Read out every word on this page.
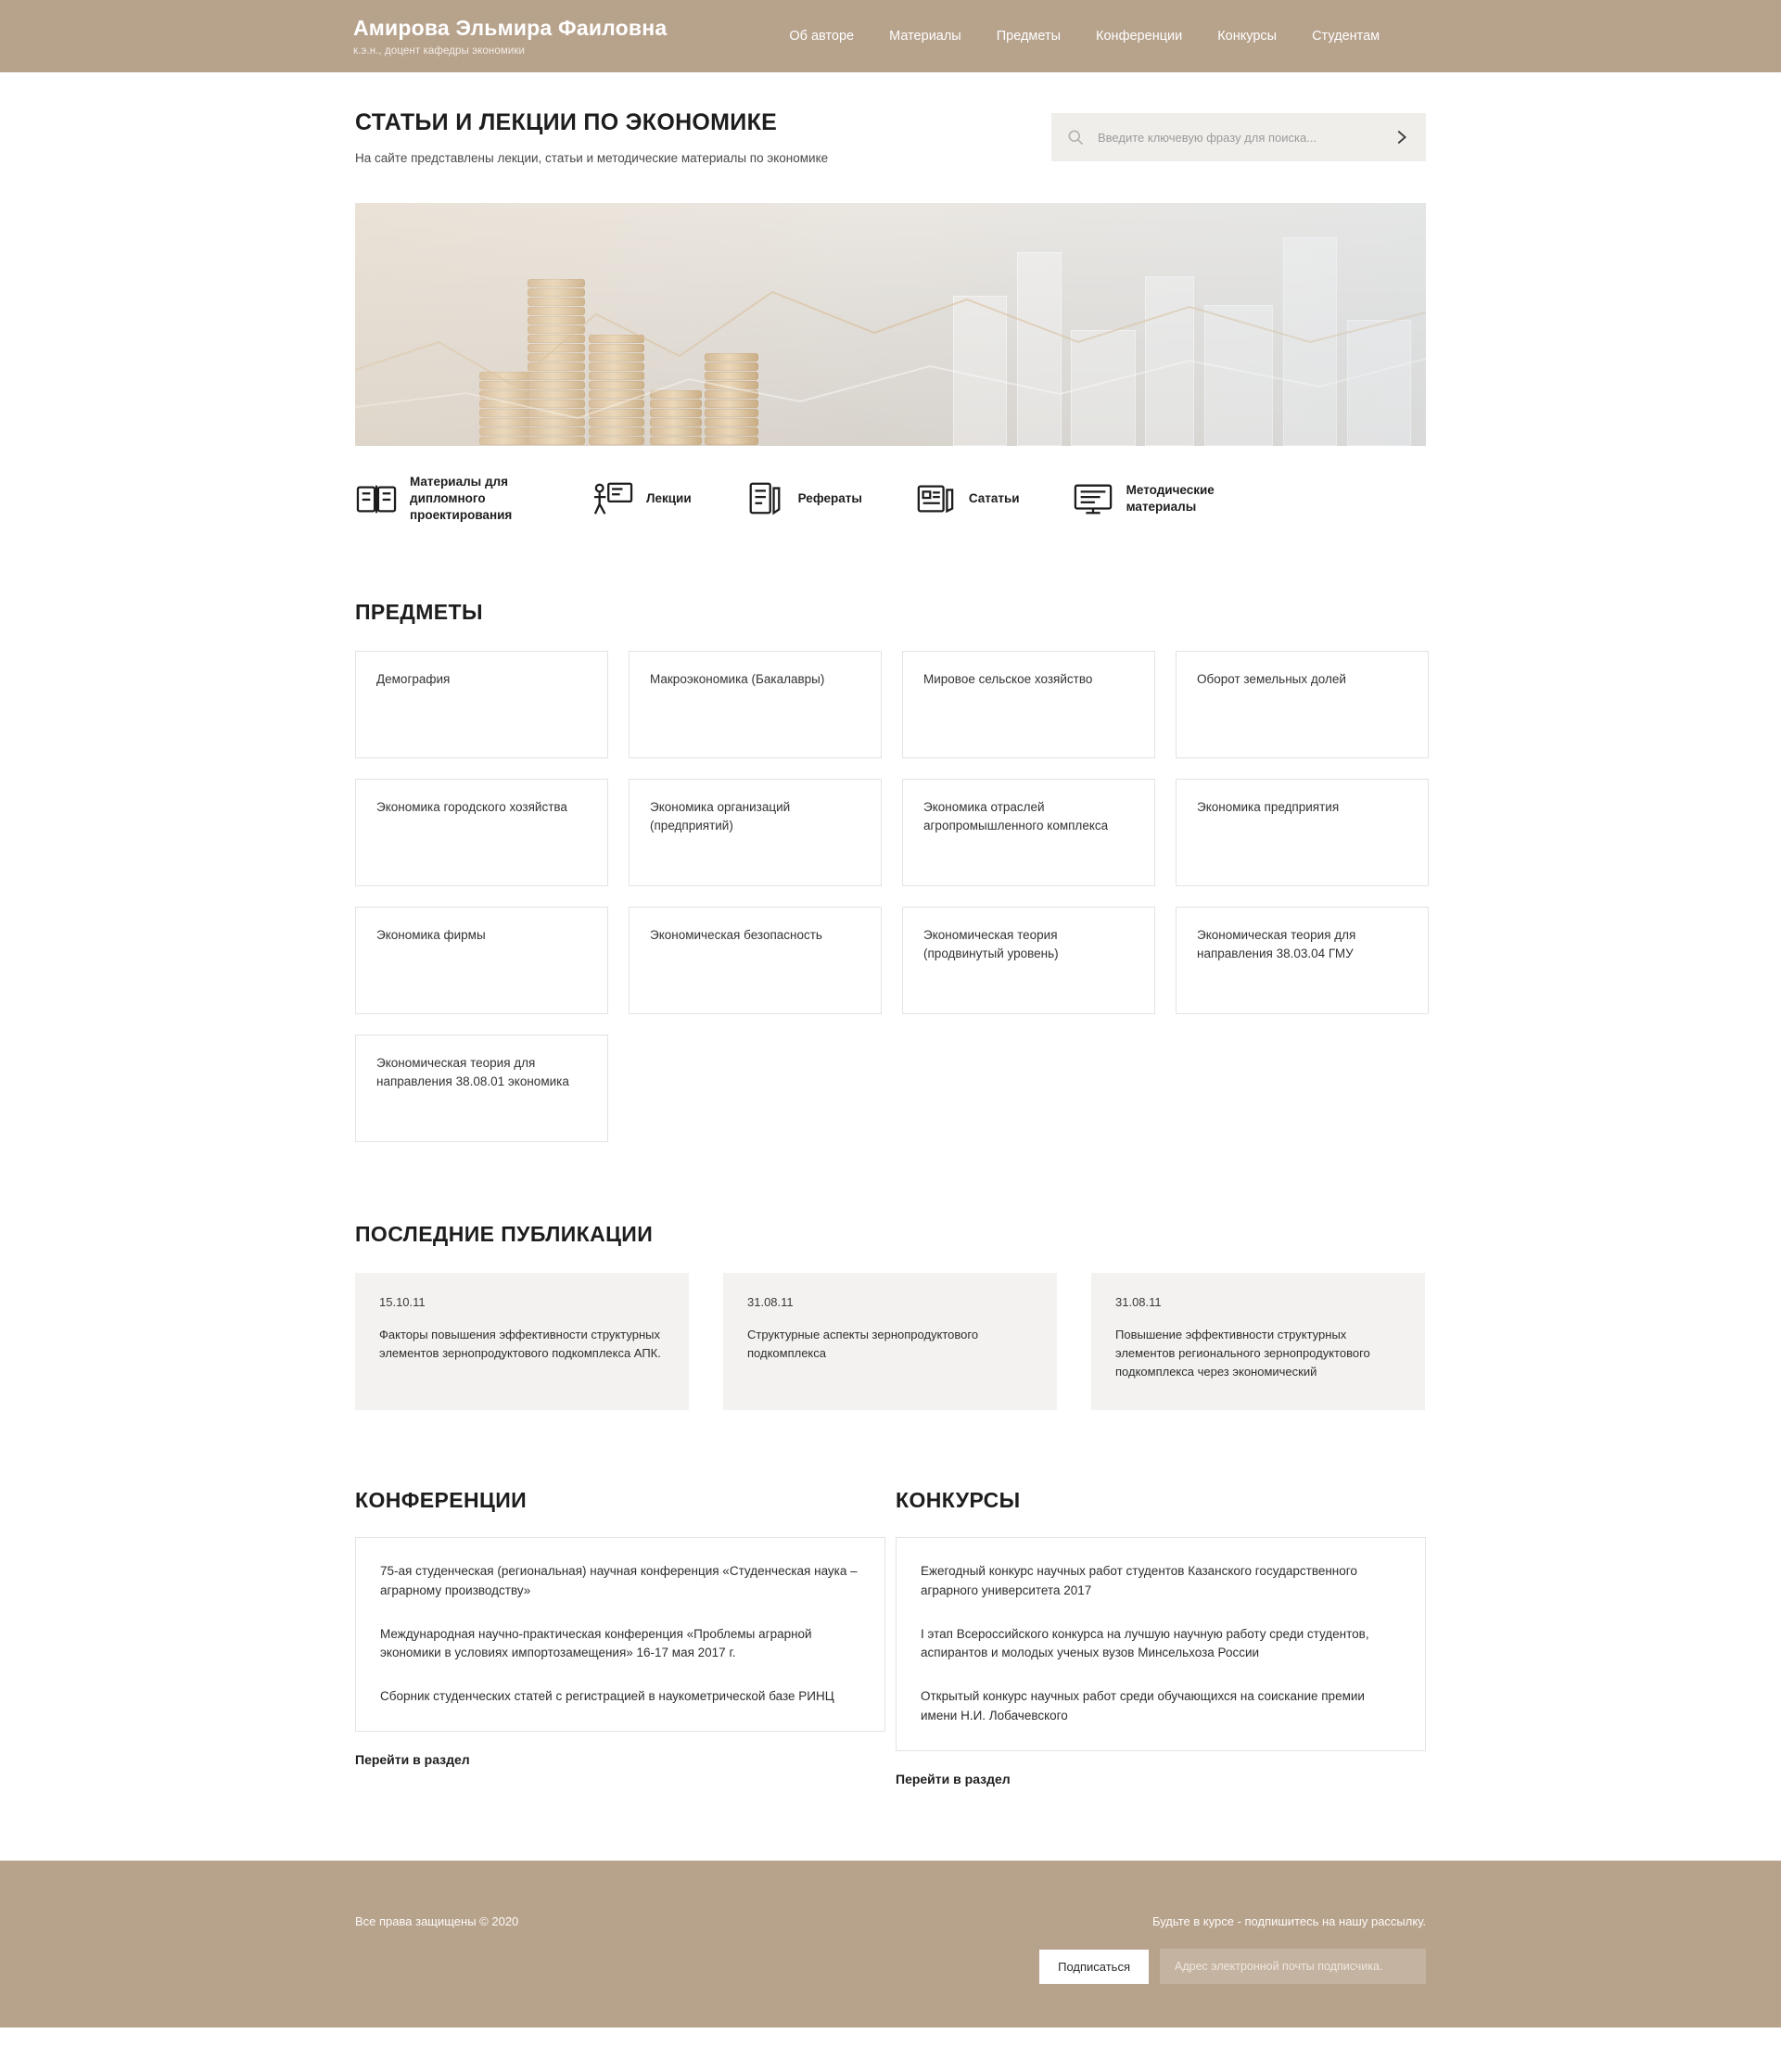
Амирова Эльмира Фаиловна
к.э.н., доцент кафедры экономики
Об авторе	Материалы	Предметы	Конференции	Конкурсы	Студентам
СТАТЬИ И ЛЕКЦИИ ПО ЭКОНОМИКЕ

На сайте представлены лекции, статьи и методические материалы по экономике

Введите ключевую фразу для поиска...
Материалы для дипломного проектирования
Лекции	Рефераты	Сататьи
Методические материалы
ПРЕДМЕТЫ
Демография	Макроэкономика (Бакалавры)	Мировое сельское хозяйство	Оборот земельных долей
Экономика городского хозяйства	Экономика организаций (предприятий)
Экономика отраслей агропромышленного комплекса
Экономика предприятия
Экономика фирмы	Экономическая безопасность	Экономическая теория (продвинутый уровень)
Экономическая теория для направления 38.03.04 ГМУ
Экономическая теория для направления 38.08.01 экономика
ПОСЛЕДНИЕ ПУБЛИКАЦИИ
15.10.11
Факторы повышения эффективности структурных элементов зернопродуктового подкомплекса АПК.
31.08.11
Структурные аспекты зернопродуктового подкомплекса
31.08.11
Повышение эффективности структурных элементов регионального зернопродуктового подкомплекса через экономический
КОНФЕРЕНЦИИ
75-ая студенческая (региональная) научная конференция «Студенческая наука – аграрному производству»
Международная научно-практическая конференция «Проблемы аграрной экономики в условиях импортозамещения» 16-17 мая 2017 г.
Сборник студенческих статей с регистрацией в наукометрической базе РИНЦ
Перейти в раздел
КОНКУРСЫ
Ежегодный конкурс научных работ студентов Казанского государственного аграрного университета 2017
I этап Всероссийского конкурса на лучшую научную работу среди студентов, аспирантов и молодых ученых вузов Минсельхоза России
Открытый конкурс научных работ среди обучающихся на соискание премии имени Н.И. Лобачевского
Перейти в раздел
Все права защищены © 2020	Будьте в курсе - подпишитесь на нашу рассылку.
Подписаться
Адрес электронной почты подписчика.
